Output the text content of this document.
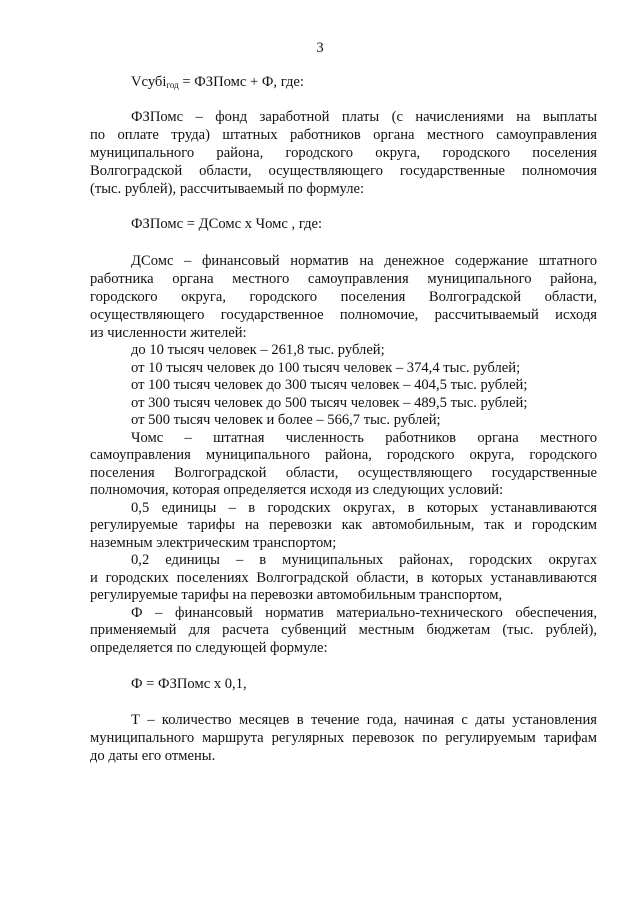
3
Vсубі$_{год}$ = ФЗПомс + Ф, где:
ФЗПомс – фонд заработной платы (с начислениями на выплаты
по оплате труда) штатных работников органа местного самоуправления
муниципального района, городского округа, городского поселения
Волгоградской области, осуществляющего государственные полномочия
(тыс. рублей), рассчитываемый по формуле:
ФЗПомс = ДСомс х Чомс , где:
ДСомс – финансовый норматив на денежное содержание штатного
работника органа местного самоуправления муниципального района,
городского округа, городского поселения Волгоградской области,
осуществляющего государственное полномочие, рассчитываемый исходя
из численности жителей:
до 10 тысяч человек – 261,8 тыс. рублей;
от 10 тысяч человек до 100 тысяч человек – 374,4 тыс. рублей;
от 100 тысяч человек до 300 тысяч человек – 404,5 тыс. рублей;
от 300 тысяч человек до 500 тысяч человек – 489,5 тыс. рублей;
от 500 тысяч человек и более – 566,7 тыс. рублей;
Чомс – штатная численность работников органа местного
самоуправления муниципального района, городского округа, городского
поселения Волгоградской области, осуществляющего государственные
полномочия, которая определяется исходя из следующих условий:
0,5 единицы – в городских округах, в которых устанавливаются
регулируемые тарифы на перевозки как автомобильным, так и городским
наземным электрическим транспортом;
0,2 единицы – в муниципальных районах, городских округах
и городских поселениях Волгоградской области, в которых устанавливаются
регулируемые тарифы на перевозки автомобильным транспортом,
Ф – финансовый норматив материально-технического обеспечения,
применяемый для расчета субвенций местным бюджетам (тыс. рублей),
определяется по следующей формуле:
Ф = ФЗПомс х 0,1,
Т – количество месяцев в течение года, начиная с даты установления
муниципального маршрута регулярных перевозок по регулируемым тарифам
до даты его отмены.
